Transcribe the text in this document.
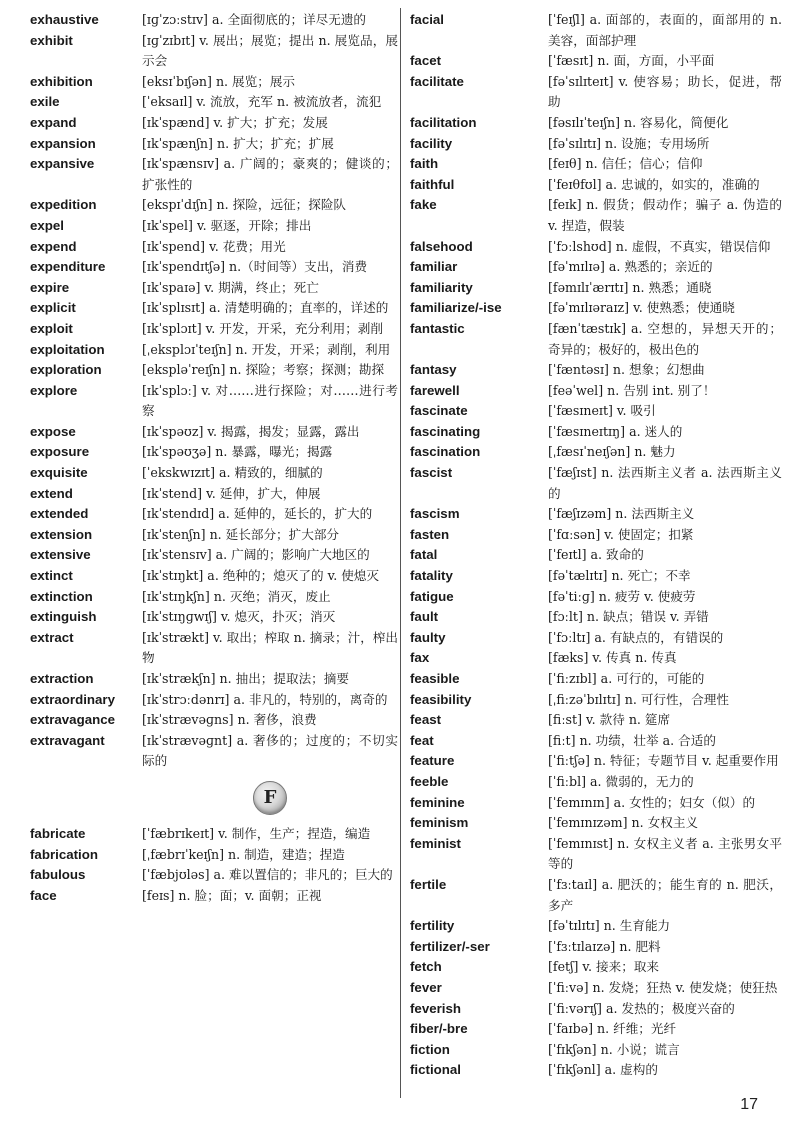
exhaustive	[ɪɡˈzɔːstɪv] a. 全面彻底的；详尽无遗的
exhibit	[ɪɡˈzɪbɪt] v. 展出；展览；提出 n. 展览品，展示会
exhibition	[eksɪˈbɪʃən] n. 展览；展示
exile	[ˈeksaɪl] v. 流放，充军 n. 被流放者，流犯
expand	[ɪkˈspænd] v. 扩大；扩充；发展
expansion	[ɪkˈspænʃn] n. 扩大；扩充；扩展
expansive	[ɪkˈspænsɪv] a. 广阔的；豪爽的；健谈的；扩张性的
expedition	[ekspɪˈdɪʃn] n. 探险，远征；探险队
expel	[ɪkˈspel] v. 驱逐，开除；排出
expend	[ɪkˈspend] v. 花费；用光
expenditure	[ɪkˈspendɪtʃə] n.（时间等）支出，消费
expire	[ɪkˈspaɪə] v. 期满，终止；死亡
explicit	[ɪkˈsplɪsɪt] a. 清楚明确的；直率的，详述的
exploit	[ɪkˈsplɔɪt] v. 开发，开采，充分利用；剥削
exploitation	[ˌeksplɔɪˈteɪʃn] n. 开发，开采；剥削，利用
exploration	[ekspləˈreɪʃn] n. 探险；考察；探测；勘探
explore	[ɪkˈsplɔː] v. 对……进行探险；对……进行考察
expose	[ɪkˈspəʊz] v. 揭露，揭发；显露，露出
exposure	[ɪkˈspəʊʒə] n. 暴露，曝光；揭露
exquisite	[ˈekskwɪzɪt] a. 精致的，细腻的
extend	[ɪkˈstend] v. 延伸，扩大，伸展
extended	[ɪkˈstendɪd] a. 延伸的，延长的，扩大的
extension	[ɪkˈstenʃn] n. 延长部分；扩大部分
extensive	[ɪkˈstensɪv] a. 广阔的；影响广大地区的
extinct	[ɪkˈstɪŋkt] a. 绝种的；熄灭了的 v. 使熄灭
extinction	[ɪkˈstɪŋkʃn] n. 灭绝；消灭，废止
extinguish	[ɪkˈstɪŋɡwɪʃ] v. 熄灭，扑灭；消灭
extract	[ɪkˈstrækt] v. 取出；榨取 n. 摘录；汁，榨出物
extraction	[ɪkˈstrækʃn] n. 抽出；提取法；摘要
extraordinary	[ɪkˈstrɔːdənrɪ] a. 非凡的，特别的，离奇的
extravagance	[ɪkˈstrævəɡns] n. 奢侈，浪费
extravagant	[ɪkˈstrævəɡnt] a. 奢侈的；过度的；不切实际的
F
fabricate	[ˈfæbrɪkeɪt] v. 制作，生产；捏造，编造
fabrication	[ˌfæbrɪˈkeɪʃn] n. 制造，建造；捏造
fabulous	[ˈfæbjʊləs] a. 难以置信的；非凡的；巨大的
face	[feɪs] n. 脸；面；v. 面朝；正视
facial	[ˈfeɪʃl] a. 面部的，表面的，面部用的 n. 美容，面部护理
facet	[ˈfæsɪt] n. 面，方面，小平面
facilitate	[fəˈsɪlɪteɪt] v. 使容易；助长，促进，帮助
facilitation	[fəsɪlɪˈteɪʃn] n. 容易化，简便化
facility	[fəˈsɪlɪtɪ] n. 设施；专用场所
faith	[feɪθ] n. 信任；信心；信仰
faithful	[ˈfeɪθfʊl] a. 忠诚的，如实的，准确的
fake	[feɪk] n. 假货；假动作；骗子 a. 伪造的 v. 捏造，假装
falsehood	[ˈfɔːlshʊd] n. 虚假，不真实，错误信仰
familiar	[fəˈmɪlɪə] a. 熟悉的；亲近的
familiarity	[fəmɪlɪˈærɪtɪ] n. 熟悉；通晓
familiarize/-ise	[fəˈmɪlɪəraɪz] v. 使熟悉；使通晓
fantastic	[fænˈtæstɪk] a. 空想的，异想天开的；奇异的；极好的，极出色的
fantasy	[ˈfæntəsɪ] n. 想象；幻想曲
farewell	[feəˈwel] n. 告别 int. 别了！
fascinate	[ˈfæsɪneɪt] v. 吸引
fascinating	[ˈfæsɪneɪtɪŋ] a. 迷人的
fascination	[ˌfæsɪˈneɪʃən] n. 魅力
fascist	[ˈfæʃɪst] n. 法西斯主义者 a. 法西斯主义的
fascism	[ˈfæʃɪzəm] n. 法西斯主义
fasten	[ˈfɑːsən] v. 使固定；扣紧
fatal	[ˈfeɪtl] a. 致命的
fatality	[fəˈtælɪtɪ] n. 死亡；不幸
fatigue	[fəˈtiːɡ] n. 疲劳 v. 使疲劳
fault	[fɔːlt] n. 缺点；错误 v. 弄错
faulty	[ˈfɔːltɪ] a. 有缺点的，有错误的
fax	[fæks] v. 传真 n. 传真
feasible	[ˈfiːzɪbl] a. 可行的，可能的
feasibility	[ˌfiːzəˈbɪlɪtɪ] n. 可行性，合理性
feast	[fiːst] v. 款待 n. 筵席
feat	[fiːt] n. 功绩，壮举 a. 合适的
feature	[ˈfiːtʃə] n. 特征；专题节目 v. 起重要作用
feeble	[ˈfiːbl] a. 微弱的，无力的
feminine	[ˈfemɪnɪn] a. 女性的；妇女（似）的
feminism	[ˈfemɪnɪzəm] n. 女权主义
feminist	[ˈfemɪnɪst] n. 女权主义者 a. 主张男女平等的
fertile	[ˈfɜːtaɪl] a. 肥沃的；能生育的 n. 肥沃，多产
fertility	[fəˈtɪlɪtɪ] n. 生育能力
fertilizer/-ser	[ˈfɜːtɪlaɪzə] n. 肥料
fetch	[fetʃ] v. 接来；取来
fever	[ˈfiːvə] n. 发烧；狂热 v. 使发烧；使狂热
feverish	[ˈfiːvərɪʃ] a. 发热的；极度兴奋的
fiber/-bre	[ˈfaɪbə] n. 纤维；光纤
fiction	[ˈfɪkʃən] n. 小说；谎言
fictional	[ˈfɪkʃənl] a. 虚构的
17
